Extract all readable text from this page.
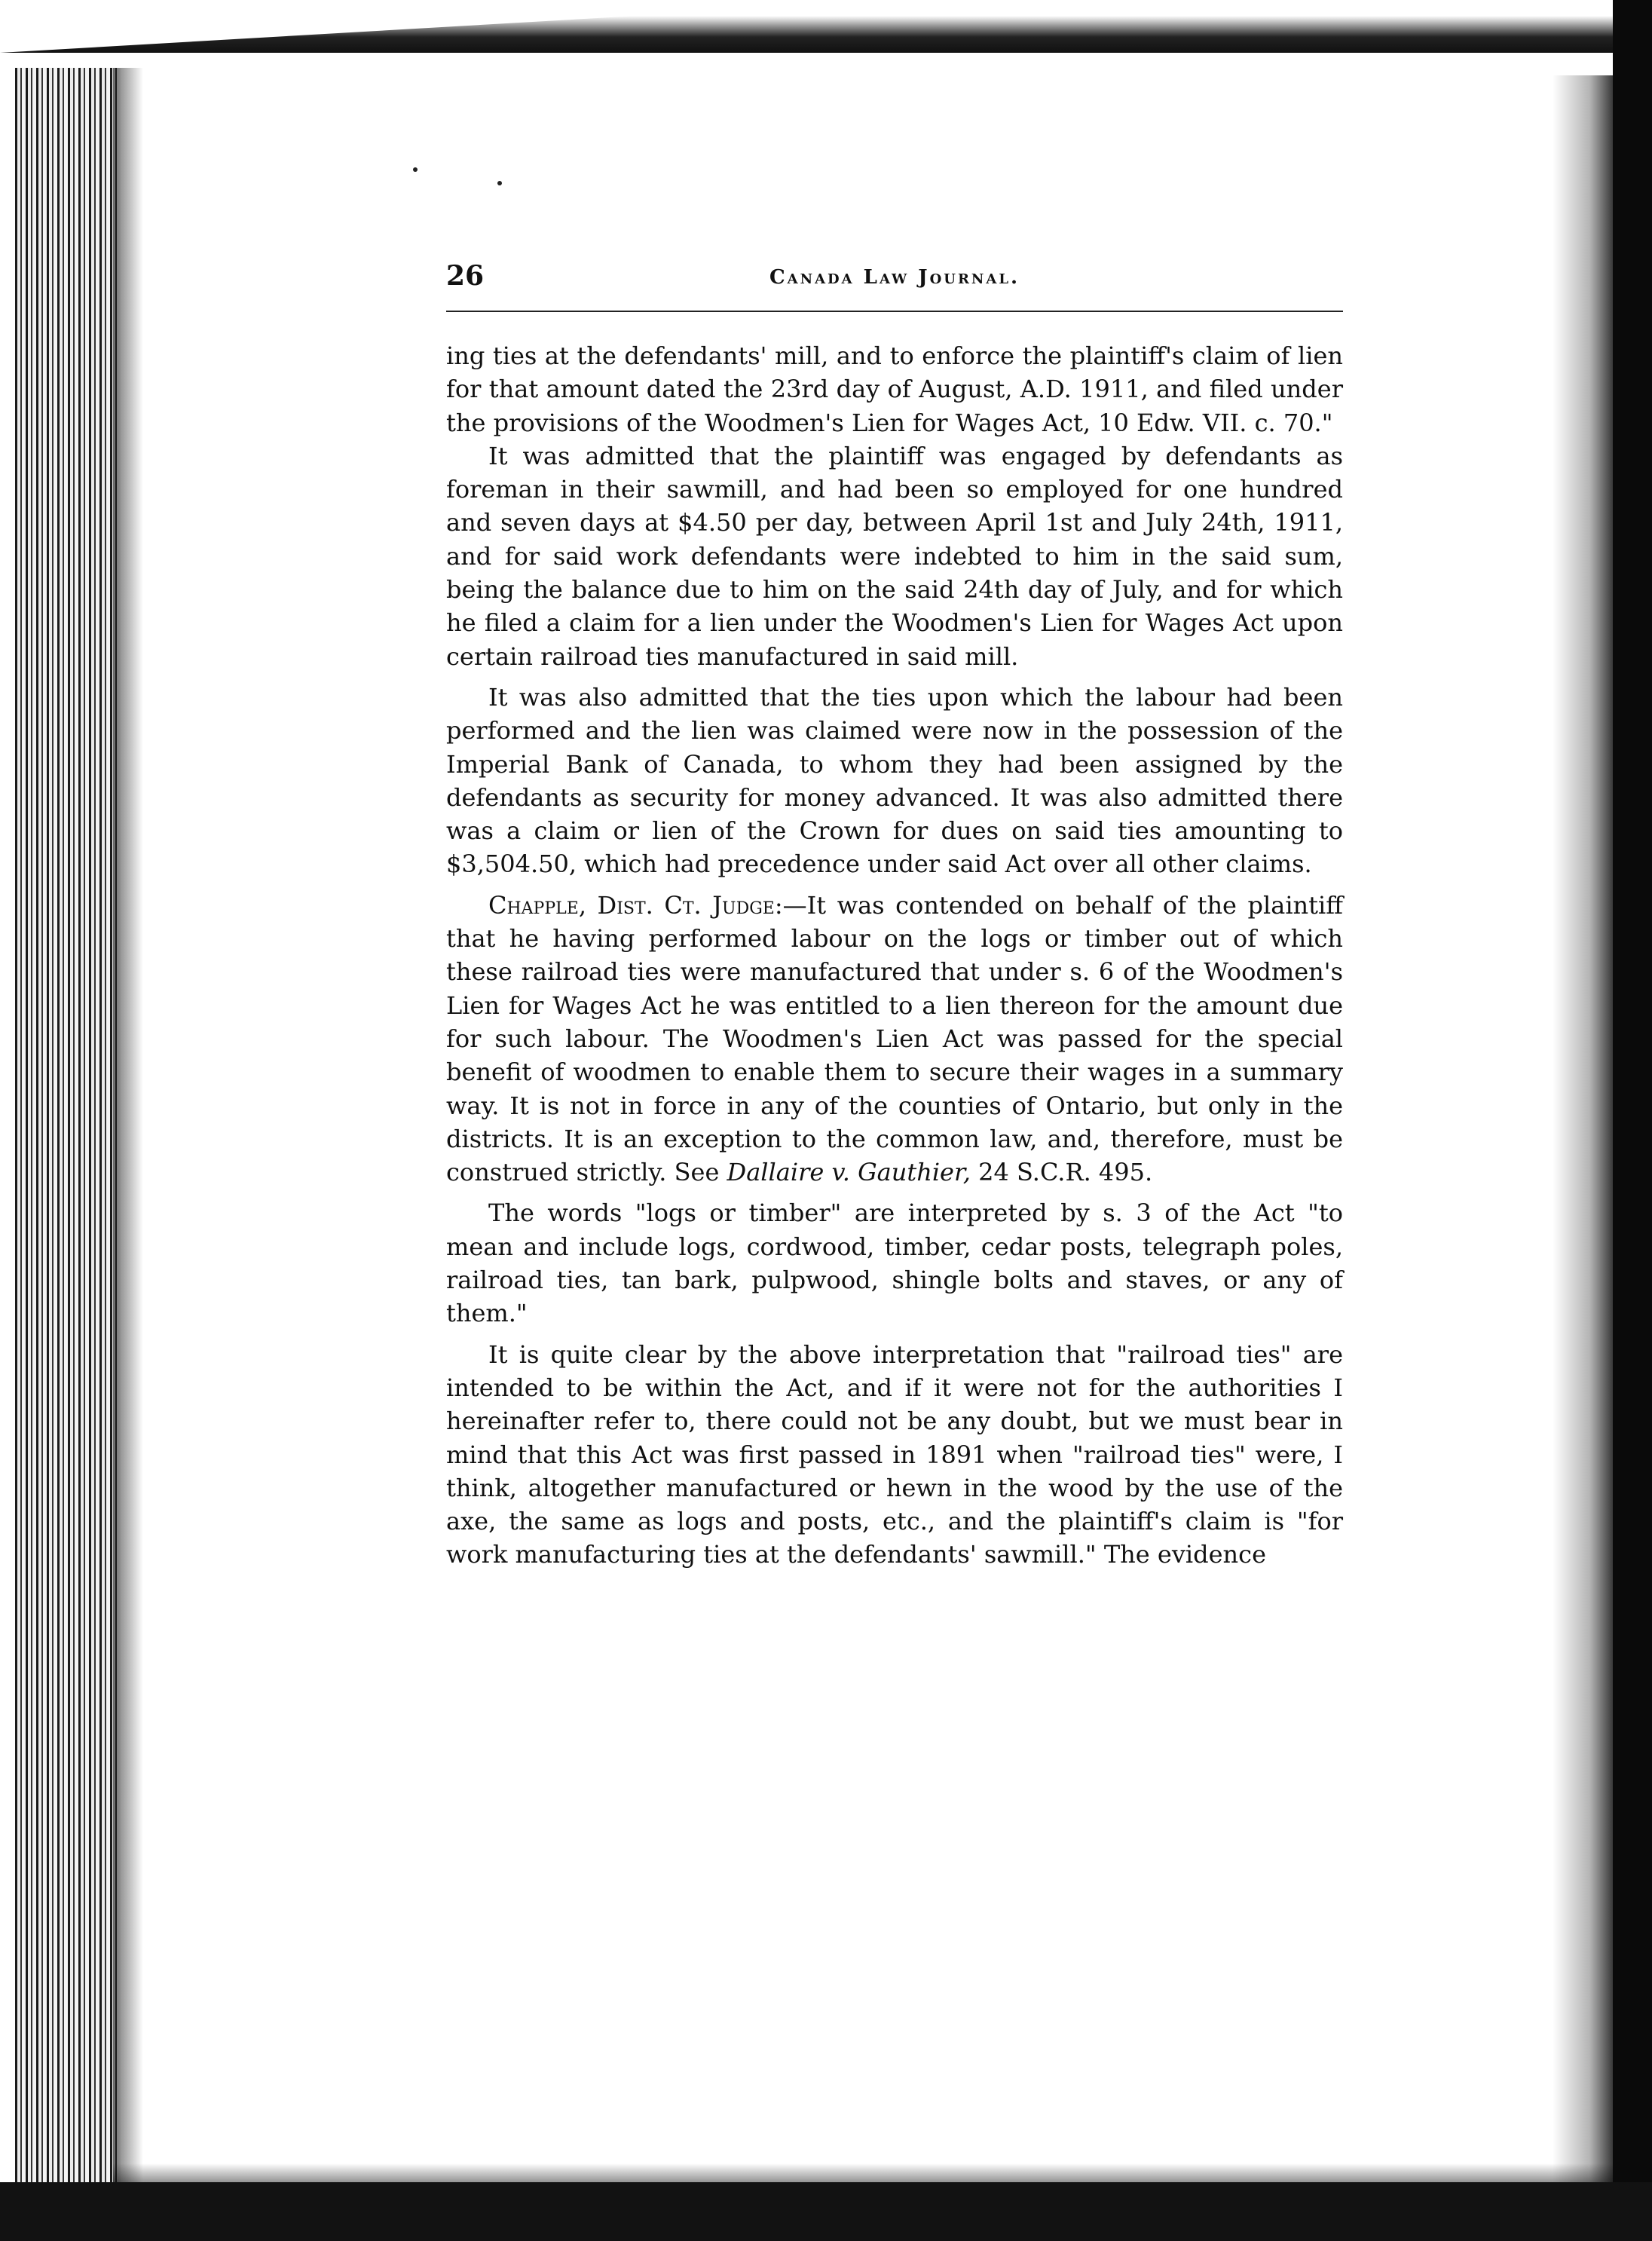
26	Canada Law Journal.

ing ties at the defendants' mill, and to enforce the plaintiff's claim of lien for that amount dated the 23rd day of August, A.D. 1911, and filed under the provisions of the Woodmen's Lien for Wages Act, 10 Edw. VII. c. 70."

It was admitted that the plaintiff was engaged by defendants as foreman in their sawmill, and had been so employed for one hundred and seven days at $4.50 per day, between April 1st and July 24th, 1911, and for said work defendants were indebted to him in the said sum, being the balance due to him on the said 24th day of July, and for which he filed a claim for a lien under the Woodmen's Lien for Wages Act upon certain railroad ties manufactured in said mill.

It was also admitted that the ties upon which the labour had been performed and the lien was claimed were now in the possession of the Imperial Bank of Canada, to whom they had been assigned by the defendants as security for money advanced. It was also admitted there was a claim or lien of the Crown for dues on said ties amounting to $3,504.50, which had precedence under said Act over all other claims.

Chapple, Dist. Ct. Judge:—It was contended on behalf of the plaintiff that he having performed labour on the logs or timber out of which these railroad ties were manufactured that under s. 6 of the Woodmen's Lien for Wages Act he was entitled to a lien thereon for the amount due for such labour. The Woodmen's Lien Act was passed for the special benefit of woodmen to enable them to secure their wages in a summary way. It is not in force in any of the counties of Ontario, but only in the districts. It is an exception to the common law, and, therefore, must be construed strictly. See Dallaire v. Gauthier, 24 S.C.R. 495.

The words "logs or timber" are interpreted by s. 3 of the Act "to mean and include logs, cordwood, timber, cedar posts, telegraph poles, railroad ties, tan bark, pulpwood, shingle bolts and staves, or any of them."

It is quite clear by the above interpretation that "railroad ties" are intended to be within the Act, and if it were not for the authorities I hereinafter refer to, there could not be any doubt, but we must bear in mind that this Act was first passed in 1891 when "railroad ties" were, I think, altogether manufactured or hewn in the wood by the use of the axe, the same as logs and posts, etc., and the plaintiff's claim is "for work manufacturing ties at the defendants' sawmill." The evidence
